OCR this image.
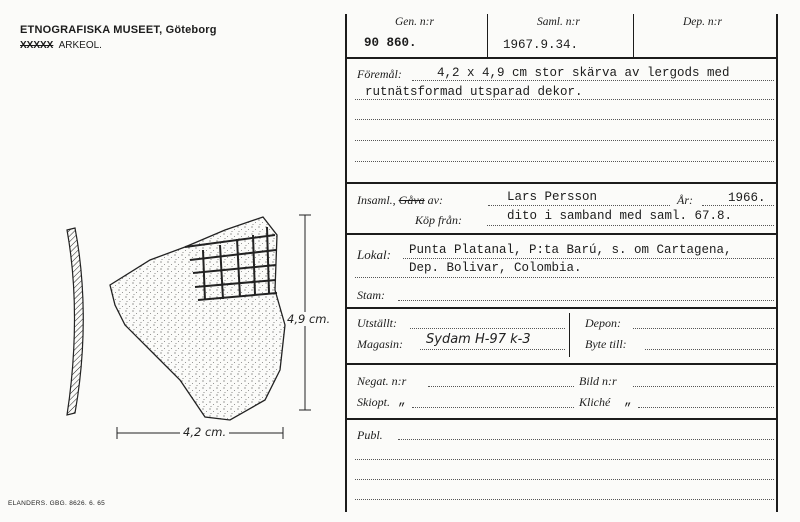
ETNOGRAFISKA MUSEET, Göteborg
XXXXX ARKEOL.
4,9 cm.
4,2 cm.
ELANDERS. GBG. 8626. 6. 65
Gen. n:r
90 860.
Saml. n:r
1967.9.34.
Dep. n:r
Föremål:	4,2 x 4,9 cm stor skärva av lergods med
rutnätsformad utsparad dekor.
Insaml., Gåva av:	Lars Persson	År:	1966.
Köp från:	dito i samband med saml. 67.8.
Lokal: Punta Platanal, P:ta Barú, s. om Cartagena,
Dep. Bolivar, Colombia.
Stam:
Utställt:
Magasin: Sydam H-97 k-3
Depon:
Byte till:
Negat. n:r	Bild n:r
Skiopt. „	Kliché „
Publ.
